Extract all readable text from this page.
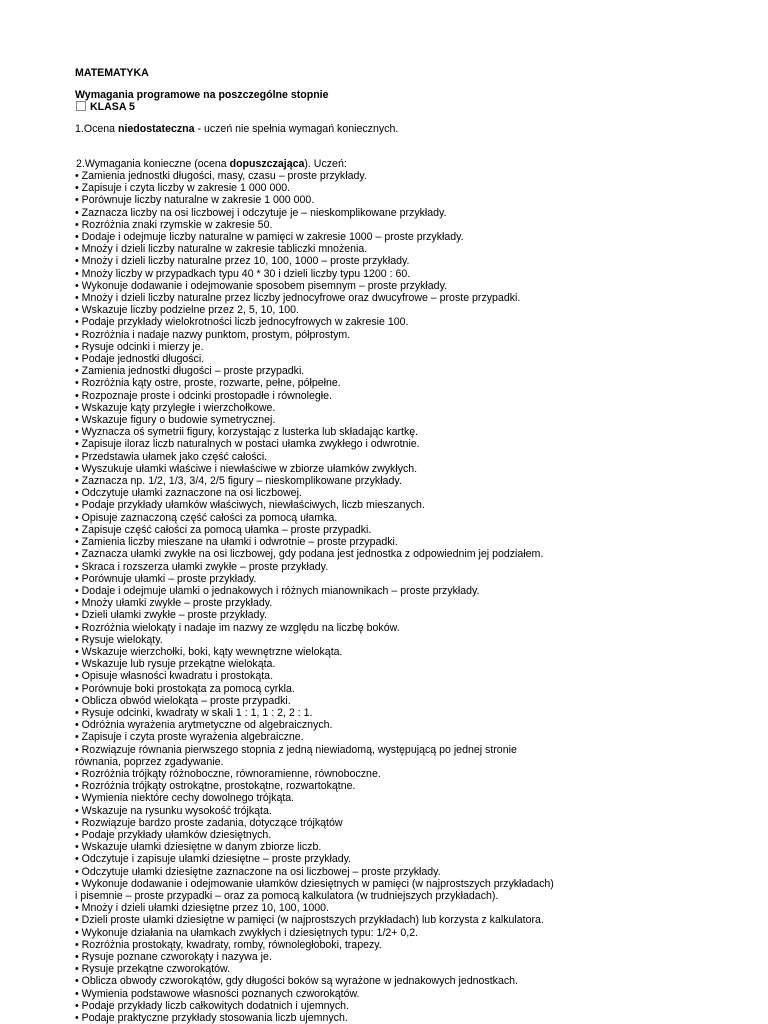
MATEMATYKA
Wymagania programowe na poszczególne stopnie
KLASA 5
1.Ocena niedostateczna - uczeń nie spełnia wymagań koniecznych.
2.Wymagania konieczne (ocena dopuszczająca). Uczeń:
• Zamienia jednostki długości, masy, czasu – proste przykłady.
• Zapisuje i czyta liczby w zakresie 1 000 000.
• Porównuje liczby naturalne w zakresie 1 000 000.
• Zaznacza liczby na osi liczbowej i odczytuje je – nieskomplikowane przykłady.
• Rozróżnia znaki rzymskie w zakresie 50.
• Dodaje i odejmuje liczby naturalne w pamięci w zakresie 1000 – proste przykłady.
• Mnoży i dzieli liczby naturalne w zakresie tabliczki mnożenia.
• Mnoży i dzieli liczby naturalne przez 10, 100, 1000 – proste przykłady.
• Mnoży liczby w przypadkach typu 40 * 30 i dzieli liczby typu 1200 : 60.
• Wykonuje dodawanie i odejmowanie sposobem pisemnym – proste przykłady.
• Mnoży i dzieli liczby naturalne przez liczby jednocyfrowe oraz dwucyfrowe – proste przypadki.
• Wskazuje liczby podzielne przez 2, 5, 10, 100.
• Podaje przykłady wielokrotności liczb jednocyfrowych w zakresie 100.
• Rozróżnia i nadaje nazwy punktom, prostym, półprostym.
• Rysuje odcinki i mierzy je.
• Podaje jednostki długości.
• Zamienia jednostki długości – proste przypadki.
• Rozróżnia kąty ostre, proste, rozwarte, pełne, półpełne.
• Rozpoznaje proste i odcinki prostopadłe i równoległe.
• Wskazuje kąty przyległe i wierzchołkowe.
• Wskazuje figury o budowie symetrycznej.
• Wyznacza oś symetrii figury, korzystając z lusterka lub składając kartkę.
• Zapisuje iloraz liczb naturalnych w postaci ułamka zwykłego i odwrotnie.
• Przedstawia ułamek jako część całości.
• Wyszukuje ułamki właściwe i niewłaściwe w zbiorze ułamków zwykłych.
• Zaznacza np. 1/2, 1/3, 3/4, 2/5 figury – nieskomplikowane przykłady.
• Odczytuje ułamki zaznaczone na osi liczbowej.
• Podaje przykłady ułamków właściwych, niewłaściwych, liczb mieszanych.
• Opisuje zaznaczoną część całości za pomocą ułamka.
• Zapisuje część całości za pomocą ułamka – proste przypadki.
• Zamienia liczby mieszane na ułamki i odwrotnie – proste przypadki.
• Zaznacza ułamki zwykłe na osi liczbowej, gdy podana jest jednostka z odpowiednim jej podziałem.
• Skraca i rozszerza ułamki zwykłe – proste przykłady.
• Porównuje ułamki – proste przykłady.
• Dodaje i odejmuje ułamki o jednakowych i różnych mianownikach – proste przykłady.
• Mnoży ułamki zwykłe – proste przykłady.
• Dzieli ułamki zwykłe – proste przykłady.
• Rozróżnia wielokąty i nadaje im nazwy ze względu na liczbę boków.
• Rysuje wielokąty.
• Wskazuje wierzchołki, boki, kąty wewnętrzne wielokąta.
• Wskazuje lub rysuje przekątne wielokąta.
• Opisuje własności kwadratu i prostokąta.
• Porównuje boki prostokąta za pomocą cyrkla.
• Oblicza obwód wielokąta – proste przypadki.
• Rysuje odcinki, kwadraty w skali 1 : 1, 1 : 2, 2 : 1.
• Odróżnia wyrażenia arytmetyczne od algebraicznych.
• Zapisuje i czyta proste wyrażenia algebraiczne.
• Rozwiązuje równania pierwszego stopnia z jedną niewiadomą, występującą po jednej stronie
równania, poprzez zgadywanie.
• Rozróżnia trójkąty różnoboczne, równoramienne, równoboczne.
• Rozróżnia trójkąty ostrokątne, prostokątne, rozwartokątne.
• Wymienia niektóre cechy dowolnego trójkąta.
• Wskazuje na rysunku wysokość trójkąta.
• Rozwiązuje bardzo proste zadania, dotyczące trójkątów
• Podaje przykłady ułamków dziesiętnych.
• Wskazuje ułamki dziesiętne w danym zbiorze liczb.
• Odczytuje i zapisuje ułamki dziesiętne – proste przykłady.
• Odczytuje ułamki dziesiętne zaznaczone na osi liczbowej – proste przykłady.
• Wykonuje dodawanie i odejmowanie ułamków dziesiętnych w pamięci (w najprostszych przykładach)
i pisemnie – proste przypadki – oraz za pomocą kalkulatora (w trudniejszych przykładach).
• Mnoży i dzieli ułamki dziesiętne przez 10, 100, 1000.
• Dzieli proste ułamki dziesiętne w pamięci (w najprostszych przykładach) lub korzysta z kalkulatora.
• Wykonuje działania na ułamkach zwykłych i dziesiętnych typu: 1/2+ 0,2.
• Rozróżnia prostokąty, kwadraty, romby, równoległoboki, trapezy.
• Rysuje poznane czworokąty i nazywa je.
• Rysuje przekątne czworokątów.
• Oblicza obwody czworokątów, gdy długości boków są wyrażone w jednakowych jednostkach.
• Wymienia podstawowe własności poznanych czworokątów.
• Podaje przykłady liczb całkowitych dodatnich i ujemnych.
• Podaje praktyczne przykłady stosowania liczb ujemnych.
